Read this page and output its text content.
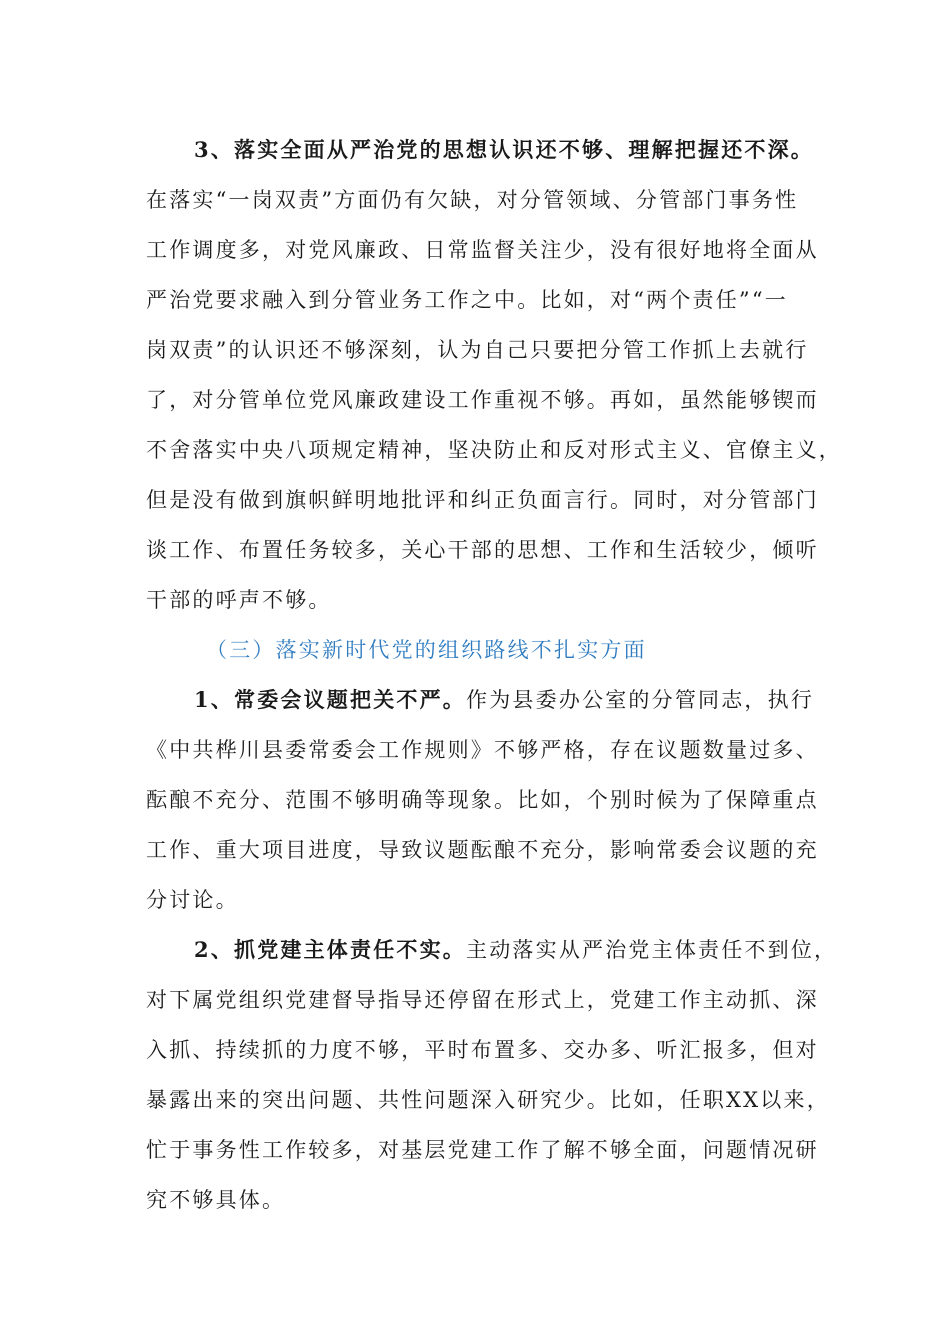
3、落实全面从严治党的思想认识还不够、理解把握还不深。
在落实“一岗双责”方面仍有欠缺，对分管领域、分管部门事务性
工作调度多，对党风廉政、日常监督关注少，没有很好地将全面从
严治党要求融入到分管业务工作之中。比如，对“两个责任”“一
岗双责”的认识还不够深刻，认为自己只要把分管工作抓上去就行
了，对分管单位党风廉政建设工作重视不够。再如，虽然能够锲而
不舍落实中央八项规定精神，坚决防止和反对形式主义、官僚主义，
但是没有做到旗帜鲜明地批评和纠正负面言行。同时，对分管部门
谈工作、布置任务较多，关心干部的思想、工作和生活较少，倾听
干部的呼声不够。
（三）落实新时代党的组织路线不扎实方面
1、常委会议题把关不严。作为县委办公室的分管同志，执行
《中共桦川县委常委会工作规则》不够严格，存在议题数量过多、
酝酿不充分、范围不够明确等现象。比如，个别时候为了保障重点
工作、重大项目进度，导致议题酝酿不充分，影响常委会议题的充
分讨论。
2、抓党建主体责任不实。主动落实从严治党主体责任不到位，
对下属党组织党建督导指导还停留在形式上，党建工作主动抓、深
入抓、持续抓的力度不够，平时布置多、交办多、听汇报多，但对
暴露出来的突出问题、共性问题深入研究少。比如，任职XX以来，
忙于事务性工作较多，对基层党建工作了解不够全面，问题情况研
究不够具体。
